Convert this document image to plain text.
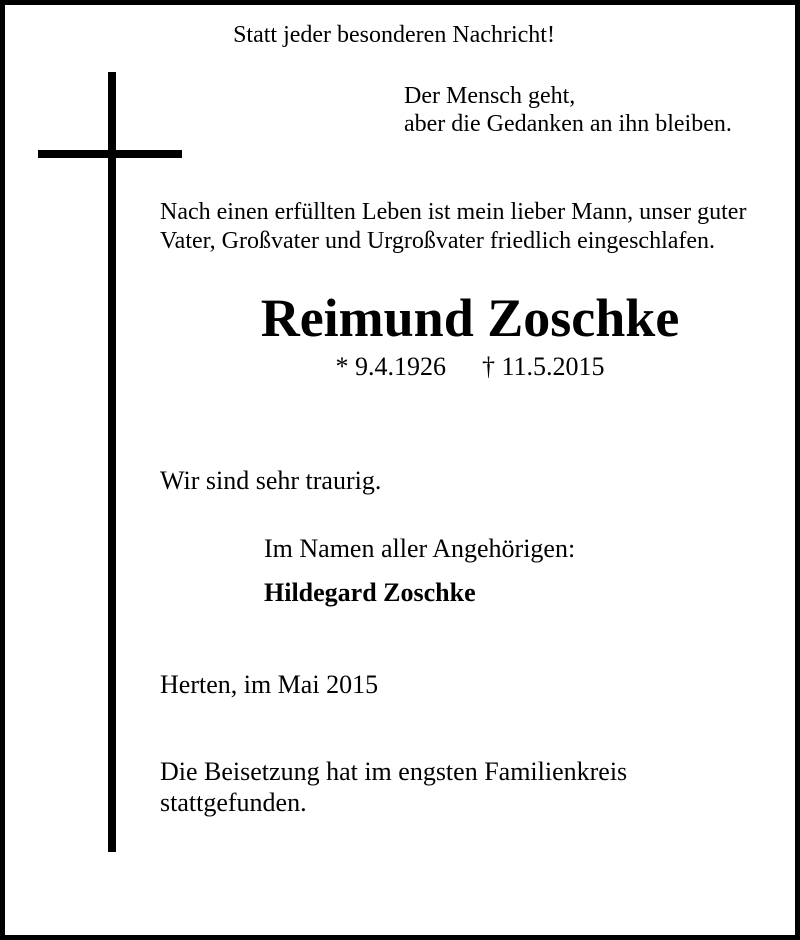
Statt jeder besonderen Nachricht!

Der Mensch geht,
aber die Gedanken an ihn bleiben.
Nach einen erfüllten Leben ist mein lieber Mann, unser guter
Vater, Großvater und Urgroßvater friedlich eingeschlafen.
Reimund Zoschke
* 9.4.1926 † 11.5.2015
Wir sind sehr traurig.
Im Namen aller Angehörigen:
Hildegard Zoschke
Herten, im Mai 2015
Die Beisetzung hat im engsten Familienkreis
stattgefunden.
